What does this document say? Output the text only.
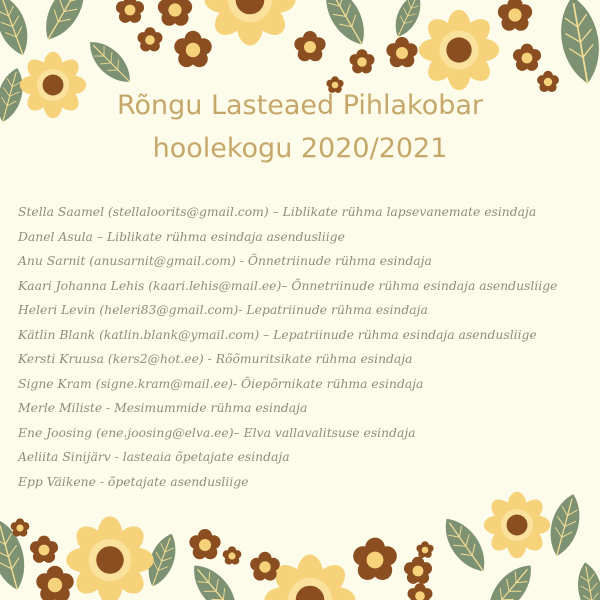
Rõngu Lasteaed Pihlakobar
hoolekogu 2020/2021
Stella Saamel (stellaloorits@gmail.com) – Liblikate rühma lapsevanemate esindaja
Danel Asula – Liblikate rühma esindaja asendusliige
Anu Sarnit (anusarnit@gmail.com) - Õnnetriinude rühma esindaja
Kaari Johanna Lehis (kaari.lehis@mail.ee)– Õnnetriinude rühma esindaja asendusliige
Heleri Levin (heleri83@gmail.com)- Lepatriinude rühma esindaja
Kätlin Blank (katlin.blank@ymail.com) – Lepatriinude rühma esindaja asendusliige
Kersti Kruusa (kers2@hot.ee) - Rõõmuritsikate rühma esindaja
Signe Kram (signe.kram@mail.ee)- Õiepõrnikate rühma esindaja
Merle Miliste - Mesimummide rühma esindaja
Ene Joosing (ene.joosing@elva.ee)– Elva vallavalitsuse esindaja
Aeliita Sinijärv - lasteaia õpetajate esindaja
Epp Väikene - õpetajate asendusliige
